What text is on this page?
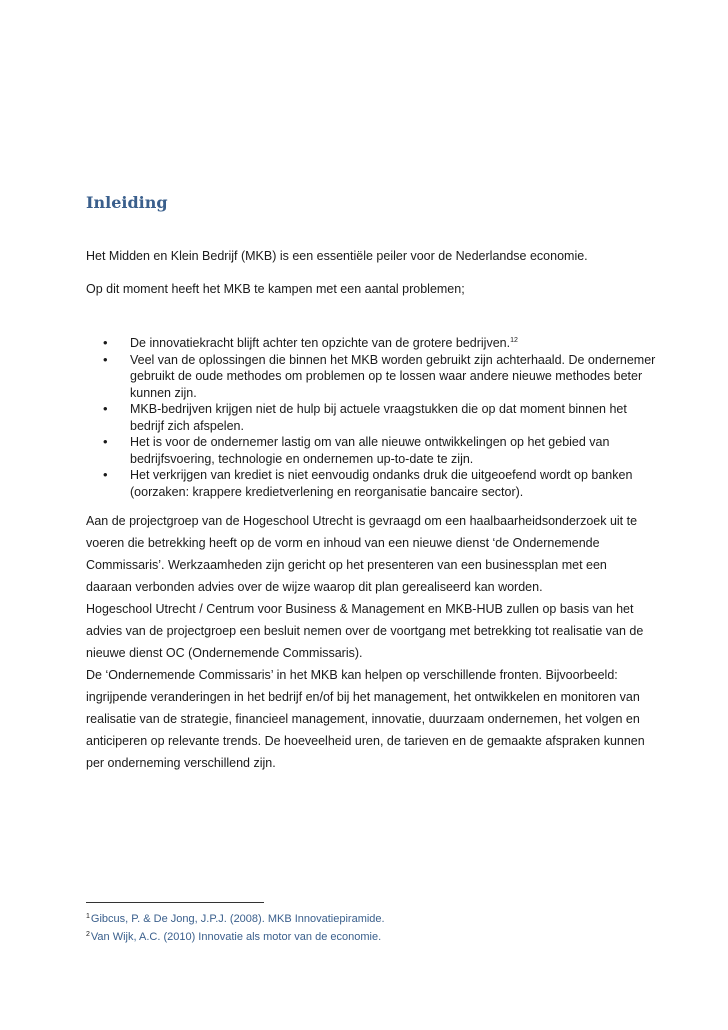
Inleiding

Het Midden en Klein Bedrijf (MKB) is een essentiële peiler voor de Nederlandse economie.

Op dit moment heeft het MKB te kampen met een aantal problemen;

• De innovatiekracht blijft achter ten opzichte van de grotere bedrijven.$^{12}$
• Veel van de oplossingen die binnen het MKB worden gebruikt zijn achterhaald. De ondernemer gebruikt de oude methodes om problemen op te lossen waar andere nieuwe methodes beter kunnen zijn.
• MKB-bedrijven krijgen niet de hulp bij actuele vraagstukken die op dat moment binnen het bedrijf zich afspelen.
• Het is voor de ondernemer lastig om van alle nieuwe ontwikkelingen op het gebied van bedrijfsvoering, technologie en ondernemen up-to-date te zijn.
• Het verkrijgen van krediet is niet eenvoudig ondanks druk die uitgeoefend wordt op banken (oorzaken: krappere kredietverlening en reorganisatie bancaire sector).

Aan de projectgroep van de Hogeschool Utrecht is gevraagd om een haalbaarheidsonderzoek uit te voeren die betrekking heeft op de vorm en inhoud van een nieuwe dienst ‘de Ondernemende Commissaris’. Werkzaamheden zijn gericht op het presenteren van een businessplan met een daaraan verbonden advies over de wijze waarop dit plan gerealiseerd kan worden.

Hogeschool Utrecht / Centrum voor Business & Management en MKB-HUB zullen op basis van het advies van de projectgroep een besluit nemen over de voortgang met betrekking tot realisatie van de nieuwe dienst OC (Ondernemende Commissaris).

De ‘Ondernemende Commissaris’ in het MKB kan helpen op verschillende fronten. Bijvoorbeeld: ingrijpende veranderingen in het bedrijf en/of bij het management, het ontwikkelen en monitoren van realisatie van de strategie, financieel management, innovatie, duurzaam ondernemen, het volgen en anticiperen op relevante trends. De hoeveelheid uren, de tarieven en de gemaakte afspraken kunnen per onderneming verschillend zijn.

$^1$Gibcus, P. & De Jong, J.P.J. (2008). MKB Innovatiepiramide.

$^2$Van Wijk, A.C. (2010) Innovatie als motor van de economie.
